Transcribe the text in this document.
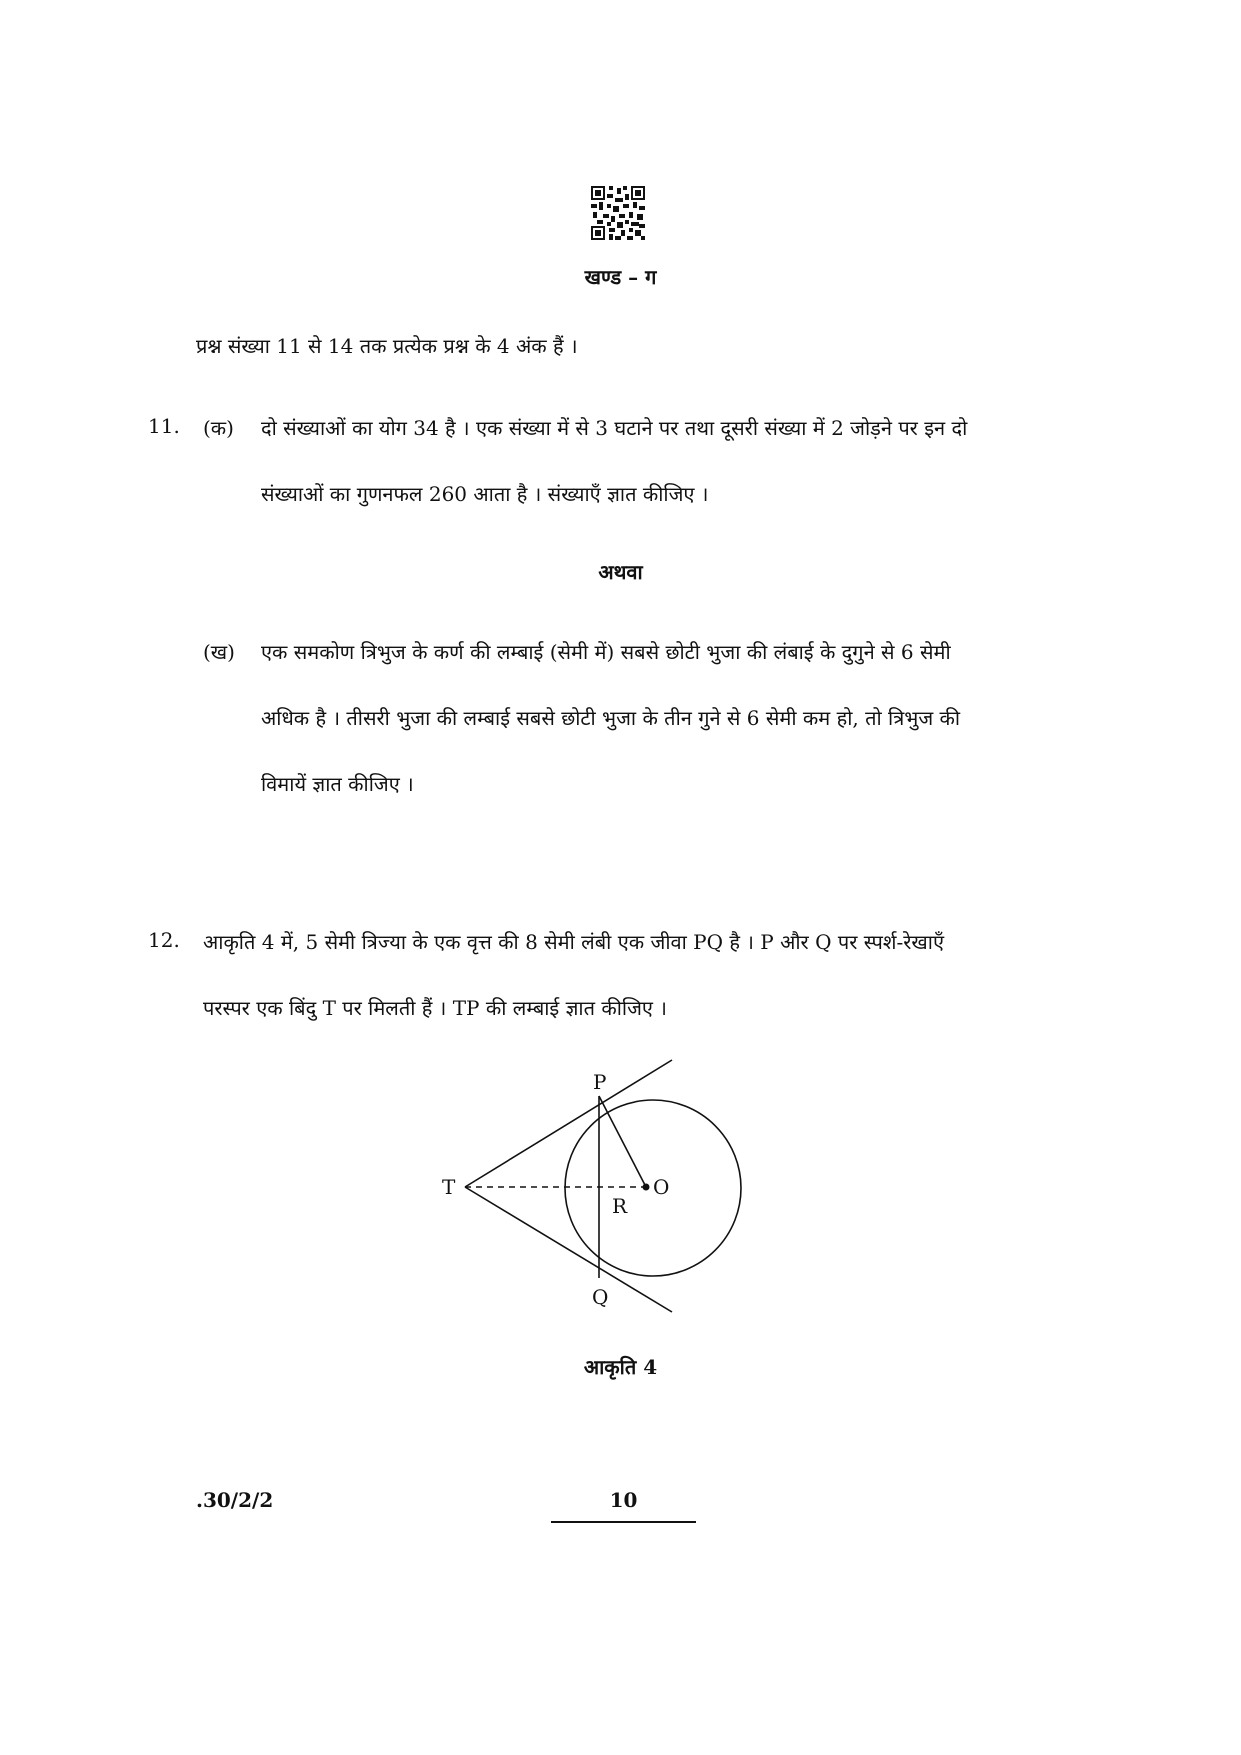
खण्ड – ग
प्रश्न संख्या 11 से 14 तक प्रत्येक प्रश्न के 4 अंक हैं ।
11. (क) दो संख्याओं का योग 34 है । एक संख्या में से 3 घटाने पर तथा दूसरी संख्या में 2 जोड़ने पर इन दो
संख्याओं का गुणनफल 260 आता है । संख्याएँ ज्ञात कीजिए ।
अथवा
(ख) एक समकोण त्रिभुज के कर्ण की लम्बाई (सेमी में) सबसे छोटी भुजा की लंबाई के दुगुने से 6 सेमी
अधिक है । तीसरी भुजा की लम्बाई सबसे छोटी भुजा के तीन गुने से 6 सेमी कम हो, तो त्रिभुज की
विमायें ज्ञात कीजिए ।
12. आकृति 4 में, 5 सेमी त्रिज्या के एक वृत्त की 8 सेमी लंबी एक जीवा PQ है । P और Q पर स्पर्श-रेखाएँ
परस्पर एक बिंदु T पर मिलती हैं । TP की लम्बाई ज्ञात कीजिए ।
P
Q
T	O
R
आकृति 4
.30/2/2	10
